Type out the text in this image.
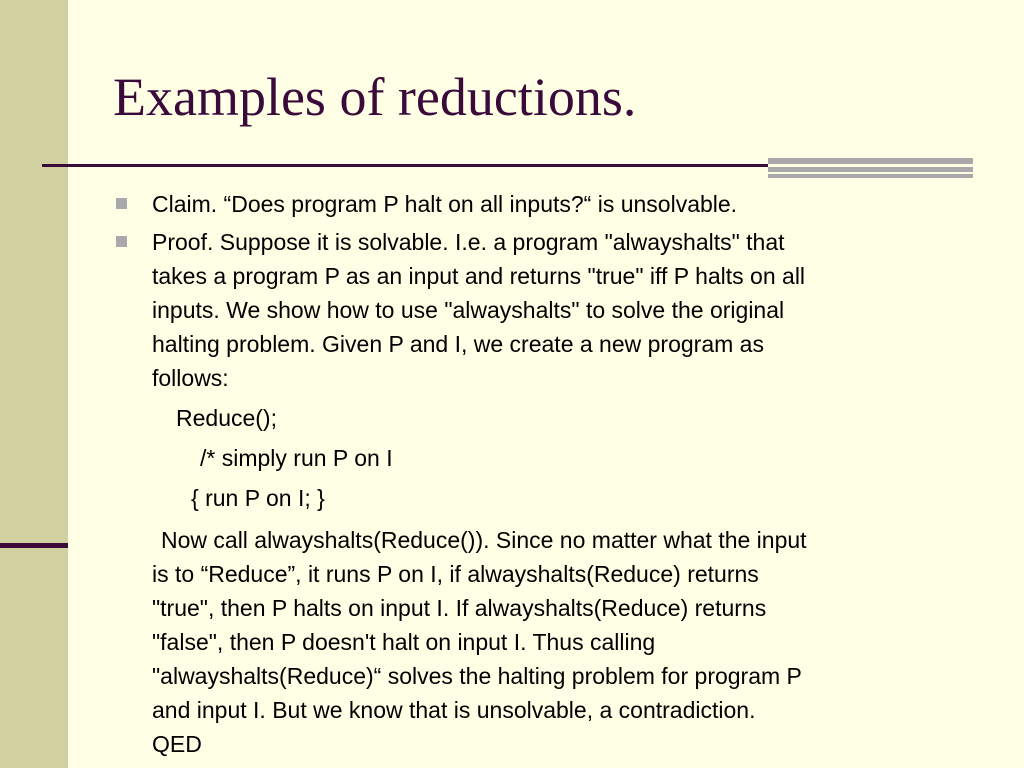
Examples of reductions.
Claim. “Does program P halt on all inputs?“ is unsolvable.
Proof. Suppose it is solvable. I.e. a program "alwayshalts" that
takes a program P as an input and returns "true" iff P halts on all
inputs. We show how to use "alwayshalts" to solve the original
halting problem. Given P and I, we create a new program as
follows:
Reduce();
/* simply run P on I
{ run P on I; }
Now call alwayshalts(Reduce()). Since no matter what the input
is to “Reduce”, it runs P on I, if alwayshalts(Reduce) returns
"true", then P halts on input I. If alwayshalts(Reduce) returns
"false", then P doesn't halt on input I. Thus calling
"alwayshalts(Reduce)“ solves the halting problem for program P
and input I. But we know that is unsolvable, a contradiction.
QED
